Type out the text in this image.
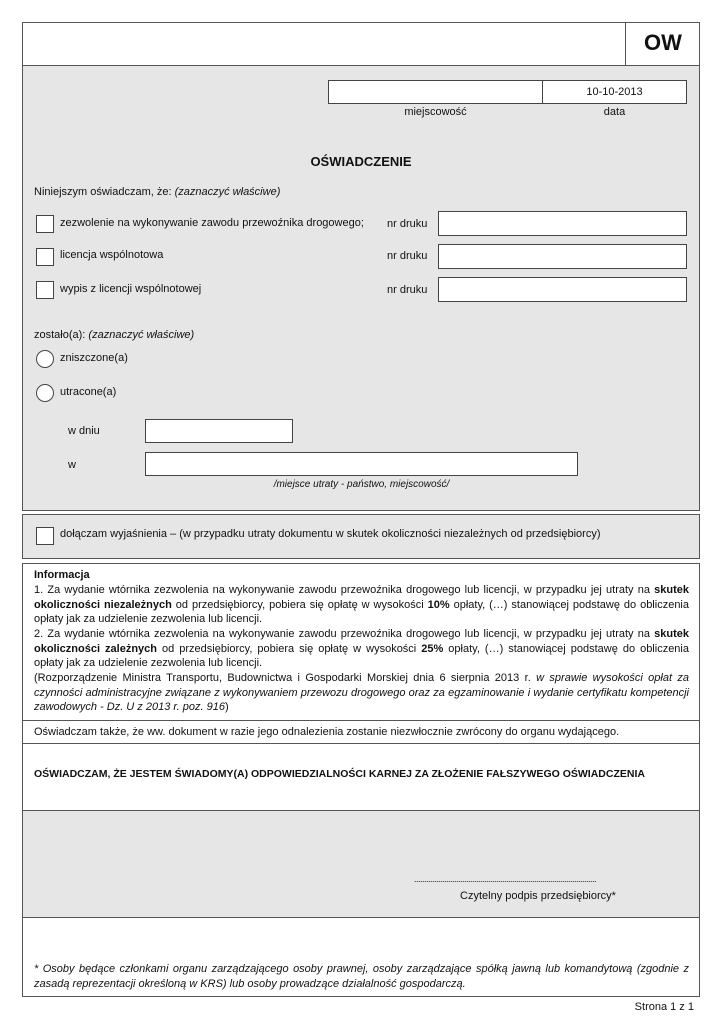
OW
10-10-2013
miejscowość	data
OŚWIADCZENIE
Niniejszym oświadczam, że: (zaznaczyć właściwe)
zezwolenie na wykonywanie zawodu przewoźnika drogowego; nr druku
licencja wspólnotowa	nr druku
wypis z licencji wspólnotowej	nr druku
zostało(a): (zaznaczyć właściwe)
zniszczone(a)
utracone(a)
w dniu
w
/miejsce utraty - państwo, miejscowość/
dołączam wyjaśnienia – (w przypadku utraty dokumentu w skutek okoliczności niezależnych od przedsiębiorcy)
Informacja

1. Za wydanie wtórnika zezwolenia na wykonywanie zawodu przewoźnika drogowego lub licencji, w przypadku jej utraty na skutek okoliczności niezależnych od przedsiębiorcy, pobiera się opłatę w wysokości 10% opłaty, (…) stanowiącej podstawę do obliczenia opłaty jak za udzielenie zezwolenia lub licencji.

2. Za wydanie wtórnika zezwolenia na wykonywanie zawodu przewoźnika drogowego lub licencji, w przypadku jej utraty na skutek okoliczności zależnych od przedsiębiorcy, pobiera się opłatę w wysokości 25% opłaty, (…) stanowiącej podstawę do obliczenia opłaty jak za udzielenie zezwolenia lub licencji.

(Rozporządzenie Ministra Transportu, Budownictwa i Gospodarki Morskiej dnia 6 sierpnia 2013 r. w sprawie wysokości opłat za czynności administracyjne związane z wykonywaniem przewozu drogowego oraz za egzaminowanie i wydanie certyfikatu kompetencji zawodowych - Dz. U z 2013 r. poz. 916)

Oświadczam także, że ww. dokument w razie jego odnalezienia zostanie niezwłocznie zwrócony do organu wydającego.
OŚWIADCZAM, ŻE JESTEM ŚWIADOMY(A) ODPOWIEDZIALNOŚCI KARNEJ ZA ZŁOŻENIE FAŁSZYWEGO OŚWIADCZENIA
...........................................................................................
Czytelny podpis przedsiębiorcy*
* Osoby będące członkami organu zarządzającego osoby prawnej, osoby zarządzające spółką jawną lub komandytową (zgodnie z zasadą reprezentacji określoną w KRS) lub osoby prowadzące działalność gospodarczą.
Strona 1 z 1
